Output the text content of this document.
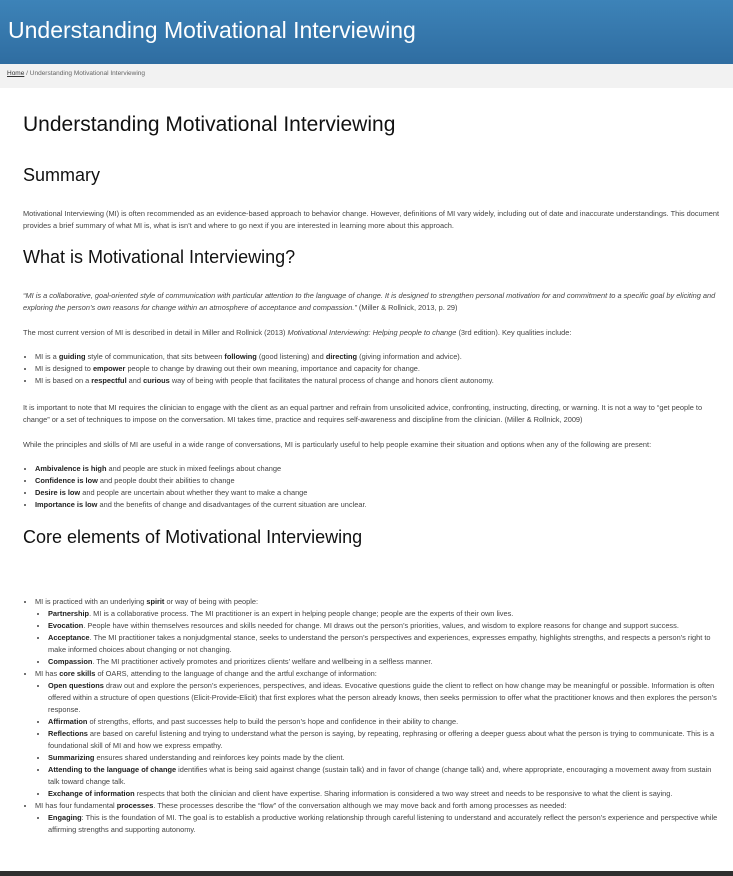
Understanding Motivational Interviewing
Home / Understanding Motivational Interviewing
Understanding Motivational Interviewing
Summary

Motivational Interviewing (MI) is often recommended as an evidence-based approach to behavior change. However, definitions of MI vary widely, including out of date and inaccurate understandings. This document provides a brief summary of what MI is, what is isn’t and where to go next if you are interested in learning more about this approach.

What is Motivational Interviewing?

“MI is a collaborative, goal-oriented style of communication with particular attention to the language of change. It is designed to strengthen personal motivation for and commitment to a specific goal by eliciting and exploring the person’s own reasons for change within an atmosphere of acceptance and compassion.” (Miller & Rollnick, 2013, p. 29)

The most current version of MI is described in detail in Miller and Rollnick (2013) Motivational Interviewing: Helping people to change (3rd edition). Key qualities include:

• MI is a guiding style of communication, that sits between following (good listening) and directing (giving information and advice).
• MI is designed to empower people to change by drawing out their own meaning, importance and capacity for change.
• MI is based on a respectful and curious way of being with people that facilitates the natural process of change and honors client autonomy.

It is important to note that MI requires the clinician to engage with the client as an equal partner and refrain from unsolicited advice, confronting, instructing, directing, or warning. It is not a way to “get people to change” or a set of techniques to impose on the conversation. MI takes time, practice and requires self-awareness and discipline from the clinician. (Miller & Rollnick, 2009)

While the principles and skills of MI are useful in a wide range of conversations, MI is particularly useful to help people examine their situation and options when any of the following are present:

• Ambivalence is high and people are stuck in mixed feelings about change
• Confidence is low and people doubt their abilities to change
• Desire is low and people are uncertain about whether they want to make a change
• Importance is low and the benefits of change and disadvantages of the current situation are unclear.
Core elements of Motivational Interviewing
• MI is practiced with an underlying spirit or way of being with people:
• Partnership. MI is a collaborative process. The MI practitioner is an expert in helping people change; people are the experts of their own lives.
• Evocation. People have within themselves resources and skills needed for change. MI draws out the person’s priorities, values, and wisdom to explore reasons for change and support success.
• Acceptance. The MI practitioner takes a nonjudgmental stance, seeks to understand the person’s perspectives and experiences, expresses empathy, highlights strengths, and respects a person’s right to make informed choices about changing or not changing.
• Compassion. The MI practitioner actively promotes and prioritizes clients’ welfare and wellbeing in a selfless manner.
• MI has core skills of OARS, attending to the language of change and the artful exchange of information:
• Open questions draw out and explore the person’s experiences, perspectives, and ideas. Evocative questions guide the client to reflect on how change may be meaningful or possible. Information is often offered within a structure of open questions (Elicit-Provide-Elicit) that first explores what the person already knows, then seeks permission to offer what the practitioner knows and then explores the person’s response.
• Affirmation of strengths, efforts, and past successes help to build the person’s hope and confidence in their ability to change.
• Reflections are based on careful listening and trying to understand what the person is saying, by repeating, rephrasing or offering a deeper guess about what the person is trying to communicate. This is a foundational skill of MI and how we express empathy.
• Summarizing ensures shared understanding and reinforces key points made by the client.
• Attending to the language of change identifies what is being said against change (sustain talk) and in favor of change (change talk) and, where appropriate, encouraging a movement away from sustain talk toward change talk.
• Exchange of information respects that both the clinician and client have expertise. Sharing information is considered a two way street and needs to be responsive to what the client is saying.
• MI has four fundamental processes. These processes describe the “flow” of the conversation although we may move back and forth among processes as needed:
• Engaging: This is the foundation of MI. The goal is to establish a productive working relationship through careful listening to understand and accurately reflect the person’s experience and perspective while affirming strengths and supporting autonomy.
